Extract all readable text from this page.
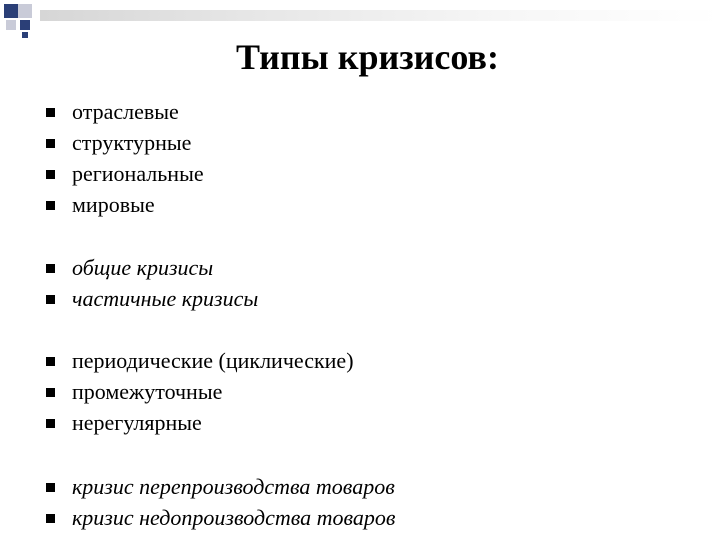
Типы кризисов:
отраслевые
структурные
региональные
мировые
общие кризисы
частичные кризисы
периодические (циклические)
промежуточные
нерегулярные
кризис перепроизводства товаров
кризис недопроизводства товаров
